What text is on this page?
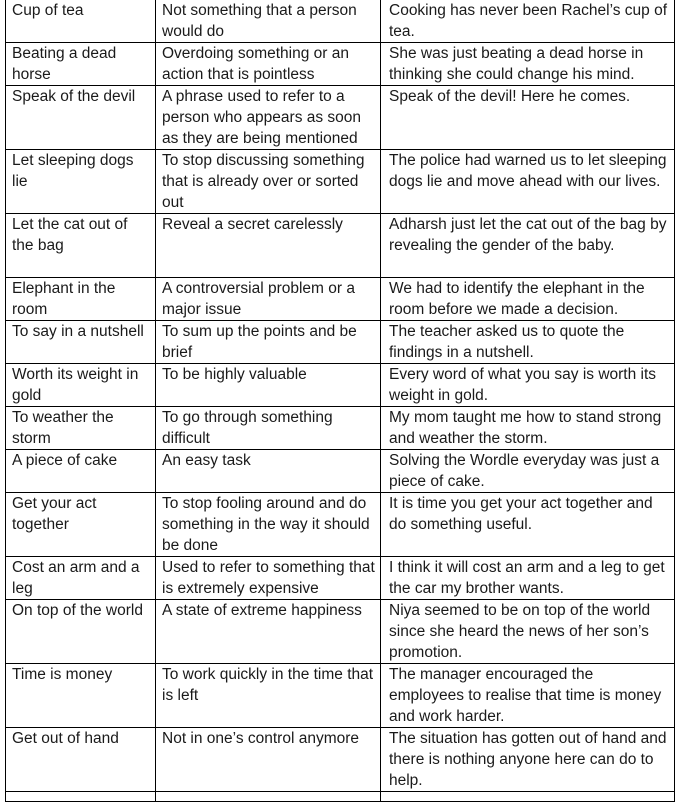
Cup of tea	Not something that a person would do	Cooking has never been Rachel’s cup of tea.
Beating a dead horse	Overdoing something or an action that is pointless	She was just beating a dead horse in thinking she could change his mind.
Speak of the devil	A phrase used to refer to a person who appears as soon as they are being mentioned	Speak of the devil! Here he comes.
Let sleeping dogs lie	To stop discussing something that is already over or sorted out	The police had warned us to let sleeping dogs lie and move ahead with our lives.
Let the cat out of the bag	Reveal a secret carelessly	Adharsh just let the cat out of the bag by revealing the gender of the baby.
Elephant in the room	A controversial problem or a major issue	We had to identify the elephant in the room before we made a decision.
To say in a nutshell	To sum up the points and be brief	The teacher asked us to quote the findings in a nutshell.
Worth its weight in gold	To be highly valuable	Every word of what you say is worth its weight in gold.
To weather the storm	To go through something difficult	My mom taught me how to stand strong and weather the storm.
A piece of cake	An easy task	Solving the Wordle everyday was just a piece of cake.
Get your act together	To stop fooling around and do something in the way it should be done	It is time you get your act together and do something useful.
Cost an arm and a leg	Used to refer to something that is extremely expensive	I think it will cost an arm and a leg to get the car my brother wants.
On top of the world	A state of extreme happiness	Niya seemed to be on top of the world since she heard the news of her son’s promotion.
Time is money	To work quickly in the time that is left	The manager encouraged the employees to realise that time is money and work harder.
Get out of hand	Not in one’s control anymore	The situation has gotten out of hand and there is nothing anyone here can do to help.
